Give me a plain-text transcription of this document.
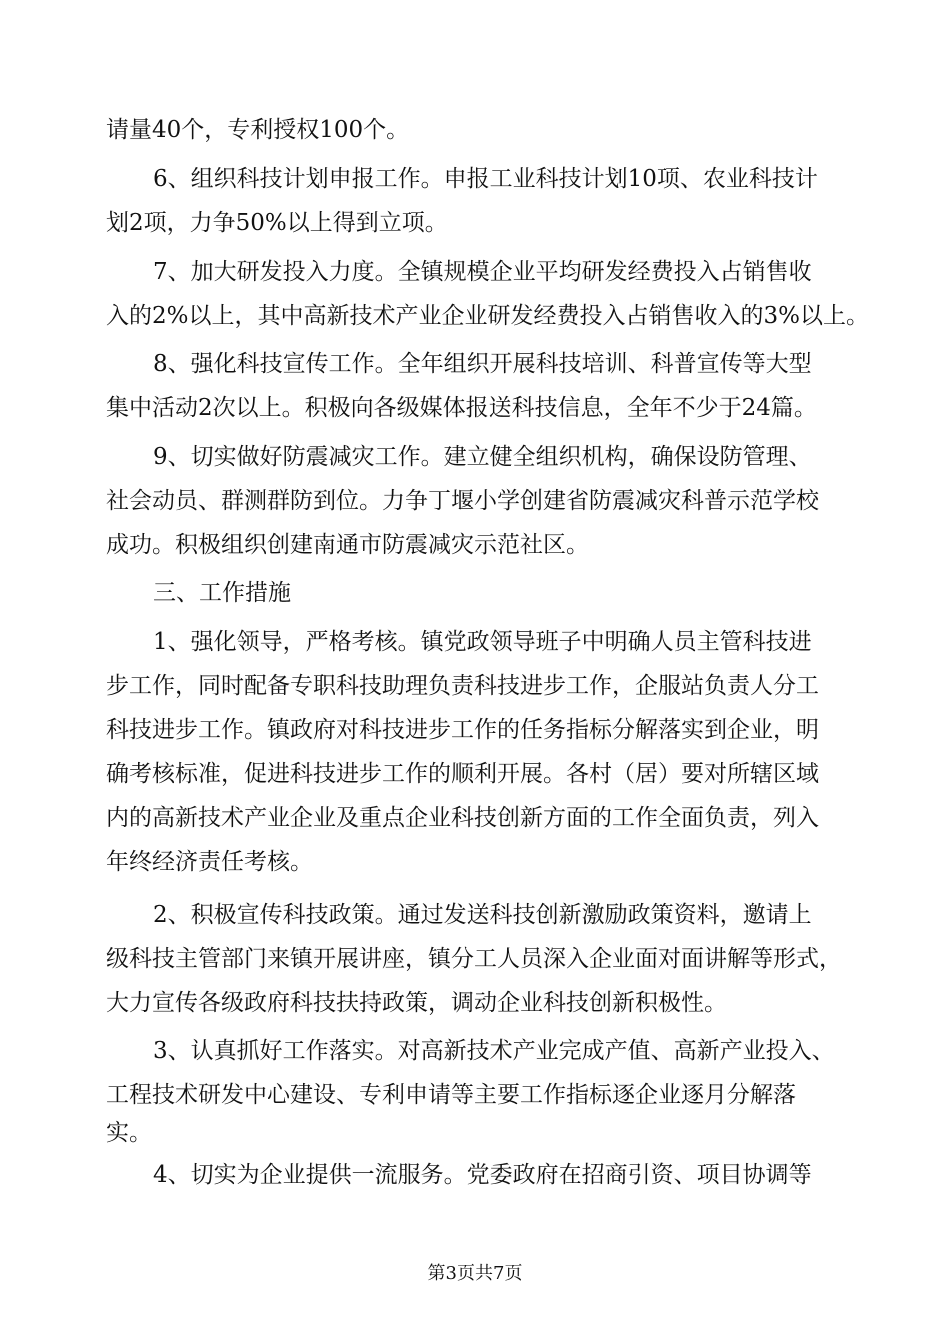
请量40个，专利授权100个。
6、组织科技计划申报工作。申报工业科技计划10项、农业科技计
划2项，力争50%以上得到立项。
7、加大研发投入力度。全镇规模企业平均研发经费投入占销售收
入的2%以上，其中高新技术产业企业研发经费投入占销售收入的3%以上。
8、强化科技宣传工作。全年组织开展科技培训、科普宣传等大型
集中活动2次以上。积极向各级媒体报送科技信息，全年不少于24篇。
9、切实做好防震减灾工作。建立健全组织机构，确保设防管理、
社会动员、群测群防到位。力争丁堰小学创建省防震减灾科普示范学校
成功。积极组织创建南通市防震减灾示范社区。
三、工作措施
1、强化领导，严格考核。镇党政领导班子中明确人员主管科技进
步工作，同时配备专职科技助理负责科技进步工作，企服站负责人分工
科技进步工作。镇政府对科技进步工作的任务指标分解落实到企业，明
确考核标准，促进科技进步工作的顺利开展。各村（居）要对所辖区域
内的高新技术产业企业及重点企业科技创新方面的工作全面负责，列入
年终经济责任考核。
2、积极宣传科技政策。通过发送科技创新激励政策资料，邀请上
级科技主管部门来镇开展讲座，镇分工人员深入企业面对面讲解等形式，
大力宣传各级政府科技扶持政策，调动企业科技创新积极性。
3、认真抓好工作落实。对高新技术产业完成产值、高新产业投入、
工程技术研发中心建设、专利申请等主要工作指标逐企业逐月分解落
实。
4、切实为企业提供一流服务。党委政府在招商引资、项目协调等
第3页共7页
